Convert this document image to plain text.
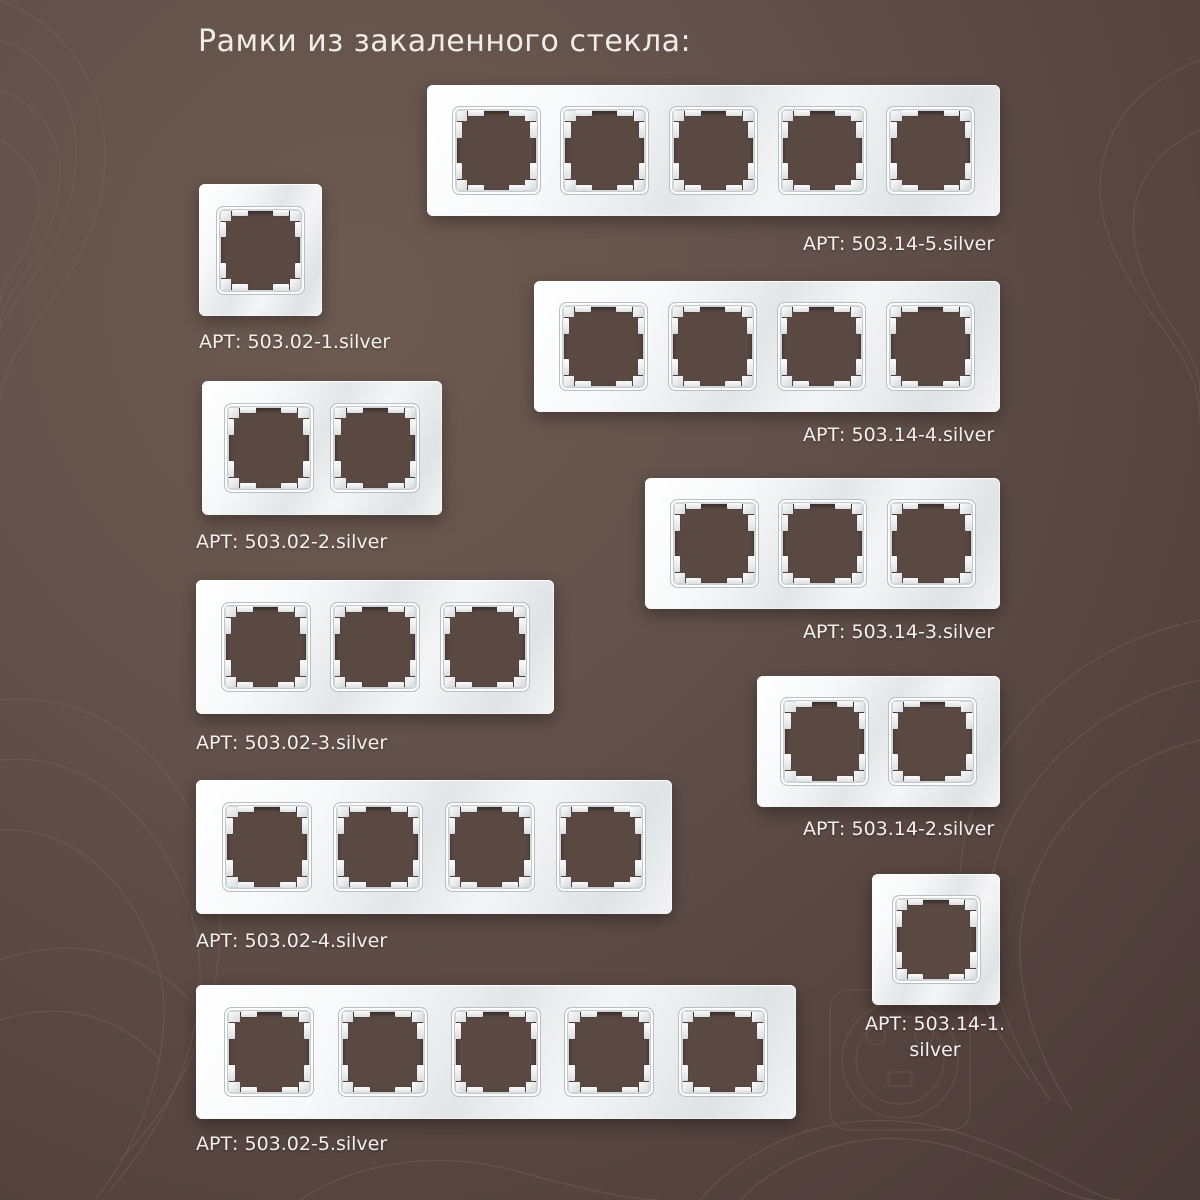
Рамки из закаленного стекла:
АРТ: 503.02-1.silver
АРТ: 503.02-2.silver
АРТ: 503.02-3.silver
АРТ: 503.02-4.silver
АРТ: 503.02-5.silver
АРТ: 503.14-5.silver
АРТ: 503.14-4.silver
АРТ: 503.14-3.silver
АРТ: 503.14-2.silver
АРТ: 503.14-1. silver
